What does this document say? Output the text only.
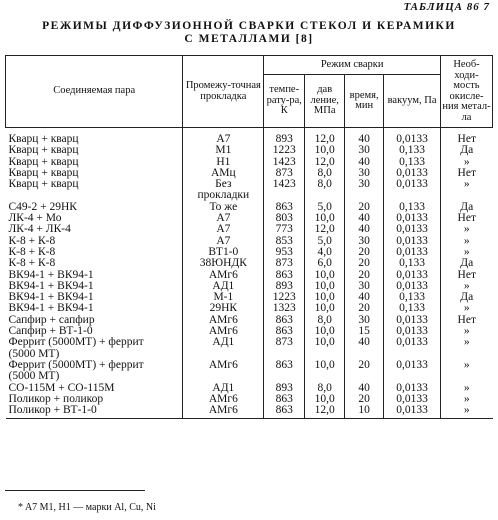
ТАБЛИЦА 86 7
РЕЖИМЫ ДИФФУЗИОННОЙ СВАРКИ СТЕКОЛ И КЕРАМИКИ
С МЕТАЛЛАМИ [8]
Соединяемая пара	Промежу-точная прокладка	Режим сварки				Необ-ходи-мость окисле-ния метал-ла
		темпе-рату-ра, К	дав ление, МПа	время, мин	вакуум, Па	

Кварц + кварц	A7	893	12,0	40	0,0133	Нет

Кварц + кварц	M1	1223	10,0	30	0,133	Да

Кварц + кварц	H1	1423	12,0	40	0,133	»

Кварц + кварц	АМц	873	8,0	30	0,0133	Нет

Кварц + кварц	Без
прокладки	1423	8,0	30	0,0133	»

С49-2 + 29НК	То же	863	5,0	20	0,133	Да

ЛК-4 + Мо	A7	803	10,0	40	0,0133	Нет

ЛК-4 + ЛК-4	A7	773	12,0	40	0,0133	»

К-8 + К-8	A7	853	5,0	30	0,0133	»

К-8 + К-8	ВТ1-0	953	4,0	20	0,0133	»

К-8 + К-8	38ЮНДК	873	6,0	20	0,133	Да

ВК94-1 + ВК94-1	АМг6	863	10,0	20	0,0133	Нет

ВК94-1 + ВК94-1	АД1	893	10,0	30	0,0133	»

ВК94-1 + ВК94-1	М-1	1223	10,0	40	0,133	Да

ВК94-1 + ВК94-1	29НК	1323	10,0	20	0,133	»

Сапфир + сапфир	АМг6	863	8,0	30	0,0133	Нет

Сапфир + ВТ-1-0	АМг6	863	10,0	15	0,0133	»

Феррит (5000МТ) + феррит
(5000 МТ)	АД1	873	10,0	40	0,0133	»

Феррит (5000МТ) + феррит
(5000 МТ)	АМг6	863	10,0	20	0,0133	»

СО-115М + СО-115М	АД1	893	8,0	40	0,0133	»

Поликор + поликор	АМг6	863	10,0	20	0,0133	»

Поликор + ВТ-1-0	АМг6	863	12,0	10	0,0133	»
* A7 M1, H1 — марки Al, Cu, Ni
